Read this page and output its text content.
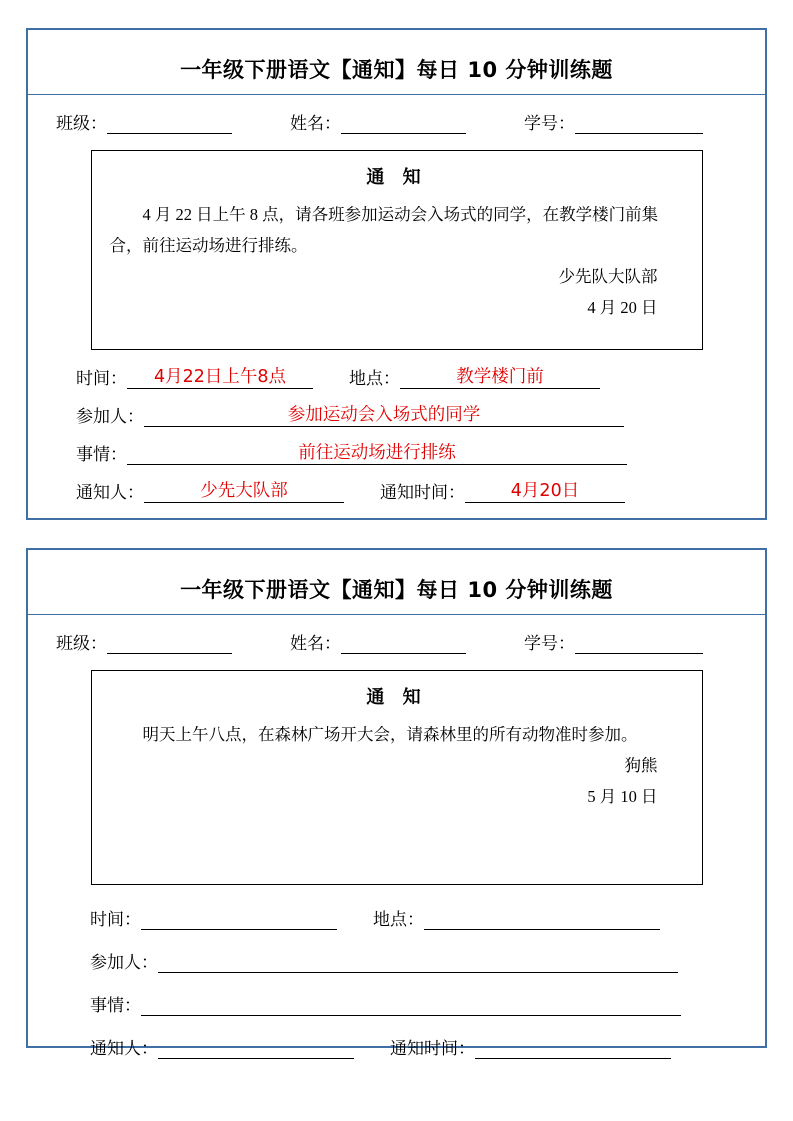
一年级下册语文【通知】每日 10 分钟训练题
班级：	姓名：	学号：
通 知
4 月 22 日上午 8 点，请各班参加运动会入场式的同学，在教学楼门前集合，前往运动场进行排练。
少先队大队部
4 月 20 日
时间： 4月22日上午8点	地点：	教学楼门前
参加人：	参加运动会入场式的同学
事情：	前往运动场进行排练
通知人：	少先大队部	通知时间：	4月20日
一年级下册语文【通知】每日 10 分钟训练题
班级：	姓名：	学号：
通 知
明天上午八点，在森林广场开大会，请森林里的所有动物准时参加。
狗熊
5 月 10 日
时间：	地点：
参加人：
事情：
通知人：	通知时间：
